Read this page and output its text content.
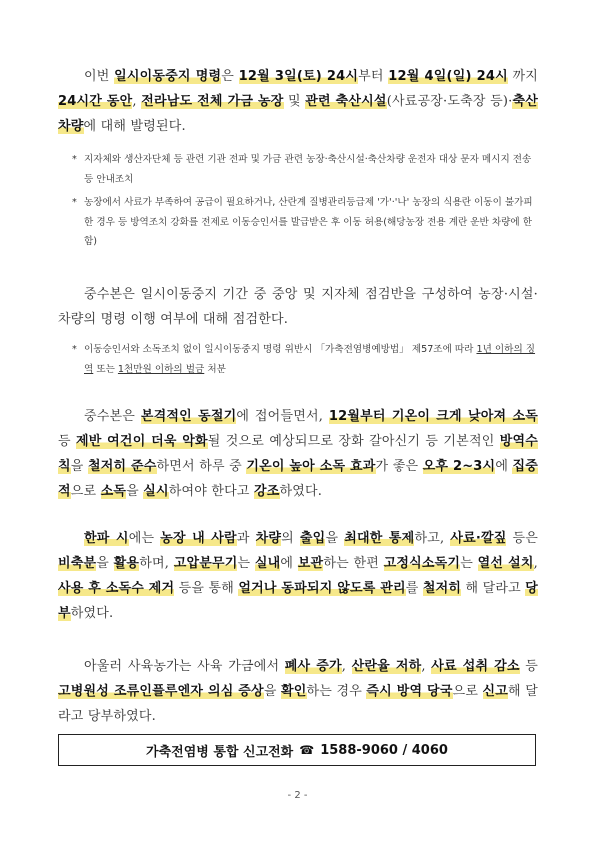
이번 일시이동중지 명령은 12월 3일(토) 24시부터 12월 4일(일) 24시 까지 24시간 동안, 전라남도 전체 가금 농장 및 관련 축산시설(사료공장·도축장 등)·축산차량에 대해 발령된다.
* 지자체와 생산자단체 등 관련 기관 전파 및 가금 관련 농장·축산시설·축산차량 운전자 대상 문자 메시지 전송 등 안내조치
* 농장에서 사료가 부족하여 공급이 필요하거나, 산란계 질병관리등급제 '가'·'나' 농장의 식용란 이동이 불가피한 경우 등 방역조치 강화를 전제로 이동승인서를 발급받은 후 이동 허용(해당농장 전용 계란 운반 차량에 한함)
중수본은 일시이동중지 기간 중 중앙 및 지자체 점검반을 구성하여 농장·시설·차량의 명령 이행 여부에 대해 점검한다.
* 이동승인서와 소독조치 없이 일시이동중지 명령 위반시 「가축전염병예방법」 제57조에 따라 1년 이하의 징역 또는 1천만원 이하의 벌금 처분
중수본은 본격적인 동절기에 접어들면서, 12월부터 기온이 크게 낮아져 소독 등 제반 여건이 더욱 악화될 것으로 예상되므로 장화 갈아신기 등 기본적인 방역수칙을 철저히 준수하면서 하루 중 기온이 높아 소독 효과가 좋은 오후 2~3시에 집중적으로 소독을 실시하여야 한다고 강조하였다.
한파 시에는 농장 내 사람과 차량의 출입을 최대한 통제하고, 사료·깔짚 등은 비축분을 활용하며, 고압분무기는 실내에 보관하는 한편 고정식소독기는 열선 설치, 사용 후 소독수 제거 등을 통해 얼거나 동파되지 않도록 관리를 철저히 해 달라고 당부하였다.
아울러 사육농가는 사육 가금에서 폐사 증가, 산란율 저하, 사료 섭취 감소 등 고병원성 조류인플루엔자 의심 증상을 확인하는 경우 즉시 방역 당국으로 신고해 달라고 당부하였다.
가축전염병 통합 신고전화 ☎ 1588-9060 / 4060
- 2 -
